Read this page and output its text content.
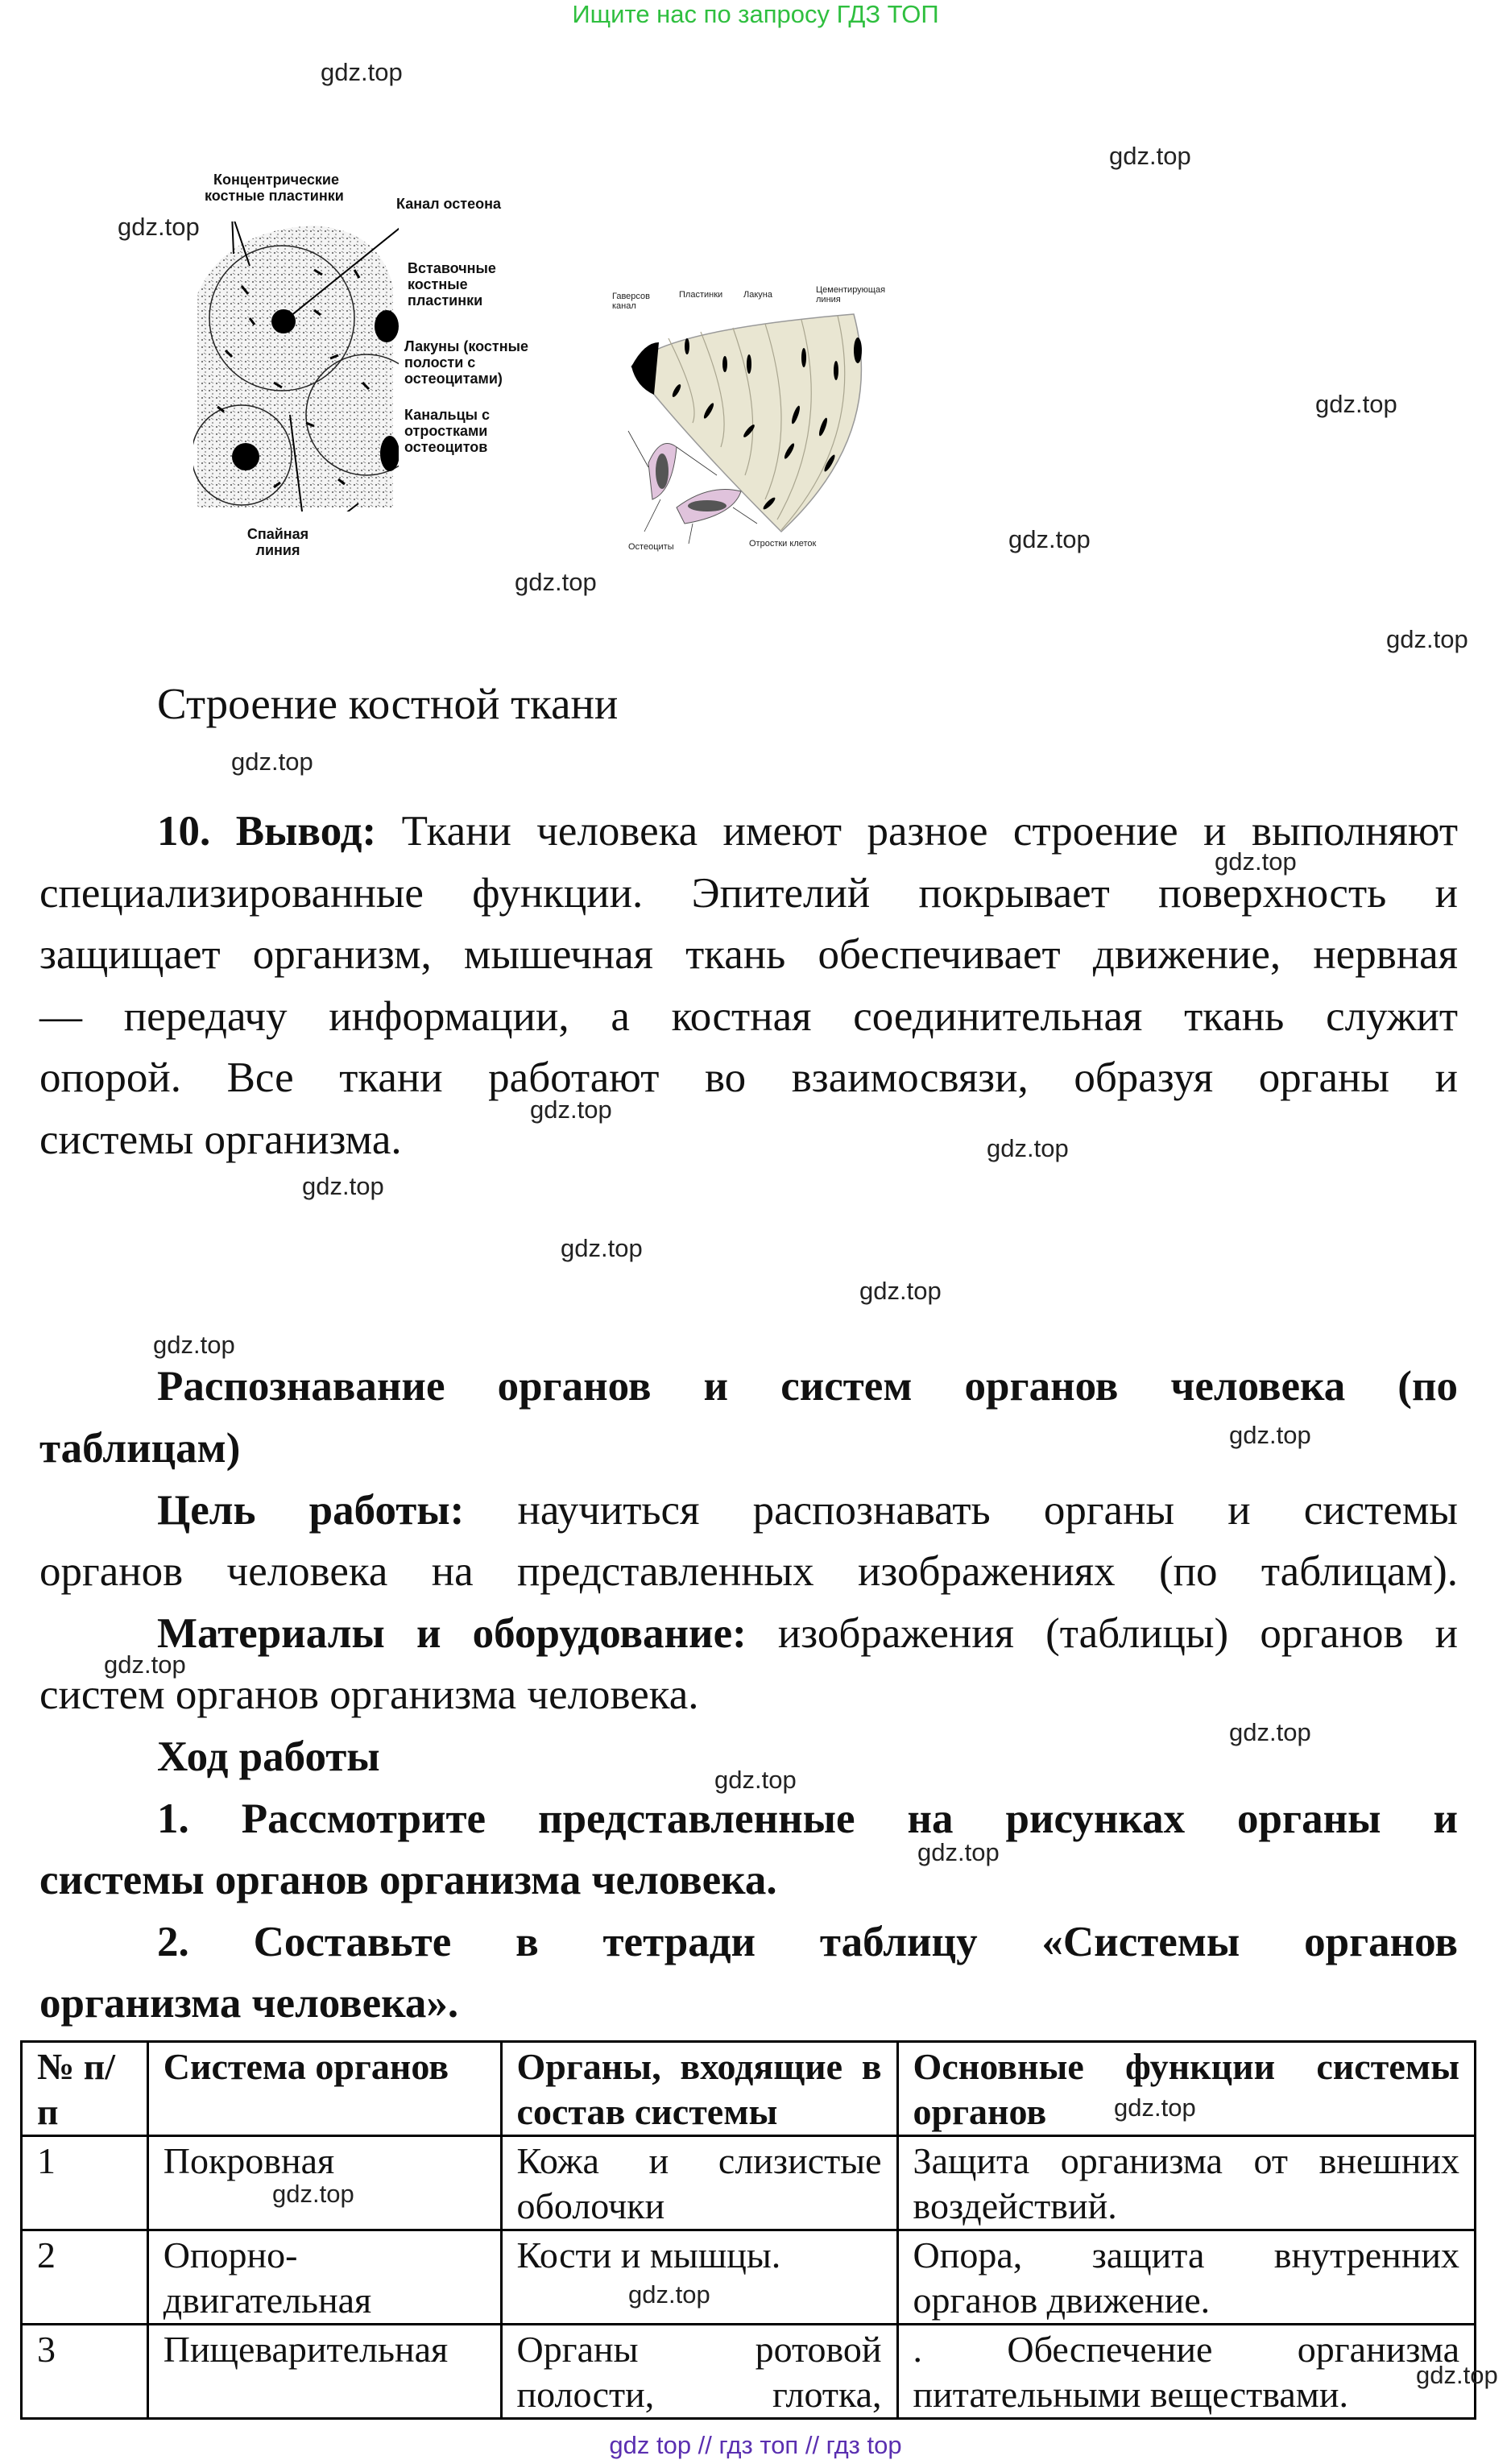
Ищите нас по запросу ГДЗ ТОП
Концентрические
костные пластинки	Канал остеона
Вставочные
костные
пластинки
Лакуны (костные
полости с
остеоцитами)
Канальцы с
отростками
остеоцитов
Спайная
линия
Гаверсов
канал
Пластинки Лакуна	Цементирующая
линия
Остеоциты	Отростки клеток
Строение костной ткани
10. Вывод: Ткани человека имеют разное строение и выполняют
специализированные функции. Эпителий покрывает поверхность и
защищает организм, мышечная ткань обеспечивает движение, нервная
— передачу информации, а костная соединительная ткань служит
опорой. Все ткани работают во взаимосвязи, образуя органы и
системы организма.
Распознавание органов и систем органов человека (по
таблицам)
Цель работы: научиться распознавать органы и системы
органов человека на представленных изображениях (по таблицам).
Материалы и оборудование: изображения (таблицы) органов и
систем органов организма человека.
Ход работы
1. Рассмотрите представленные на рисунках органы и
системы органов организма человека.
2. Составьте в тетради таблицу «Системы органов
организма человека».
№ п/п	Система органов	Органы, входящие в состав системы	Основные функции системы органов
1	Покровная	Кожа и слизистые оболочки	Защита организма от внешних воздействий.
2	Опорно-двигательная	Кости и мышцы.	Опора, защита внутренних органов движение.
3	Пищеварительная	Органы ротовой полости, глотка,	. Обеспечение организма питательными веществами.
gdz top // гдз топ // гдз top
gdz.top
gdz.top
gdz.top
gdz.top
gdz.top
gdz.top
gdz.top
gdz.top
gdz.top
gdz.top
gdz.top
gdz.top
gdz.top
gdz.top
gdz.top
gdz.top
gdz.top
gdz.top
gdz.top
gdz.top
gdz.top
gdz.top
gdz.top
gdz.top
